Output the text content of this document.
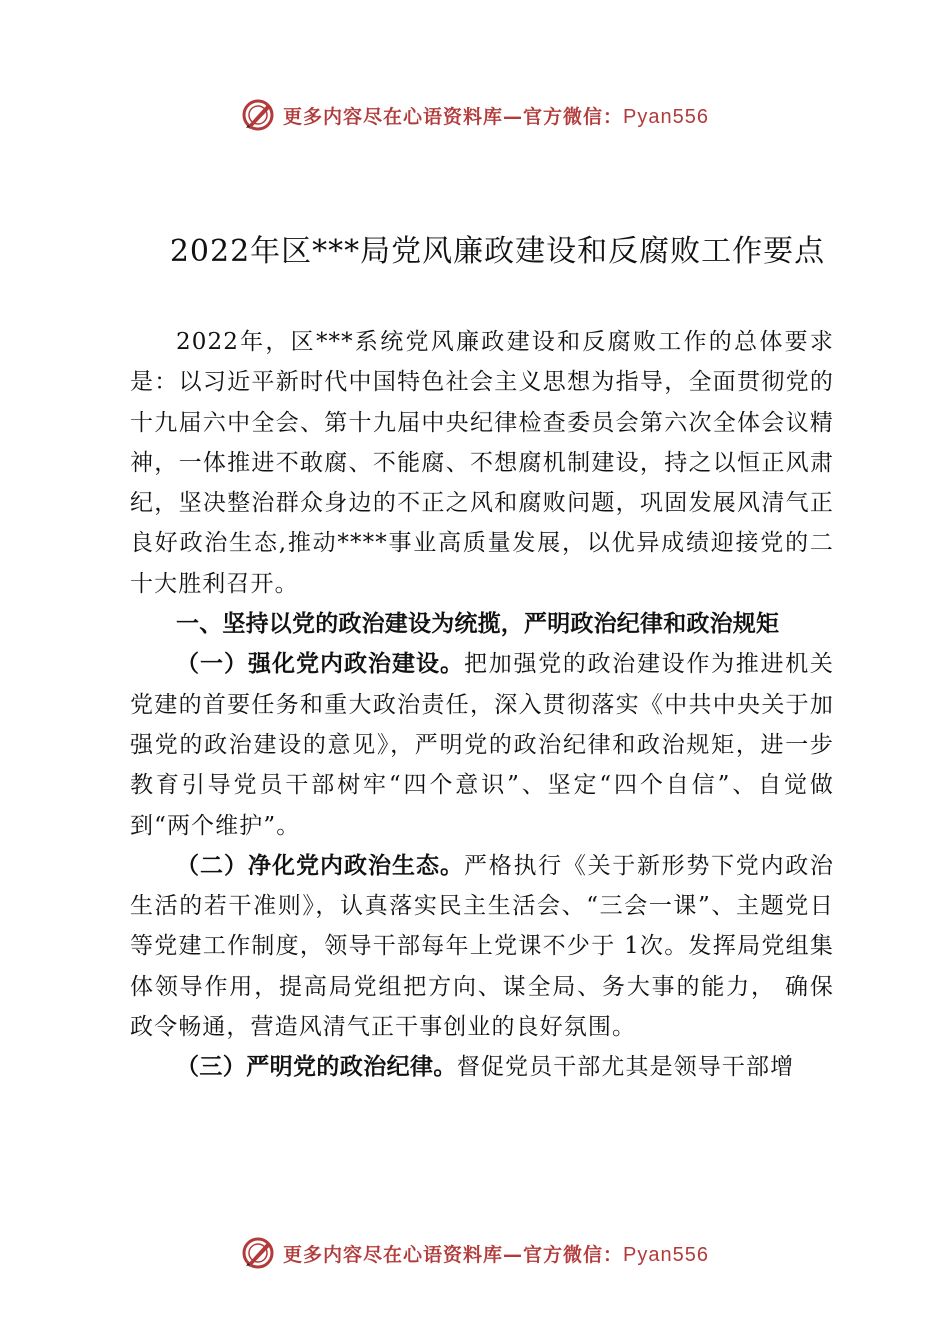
更多内容尽在心语资料库—官方微信：Pyan556
2022年区***局党风廉政建设和反腐败工作要点

2022年，区***系统党风廉政建设和反腐败工作的总体要求是：以习近平新时代中国特色社会主义思想为指导，全面贯彻党的十九届六中全会、第十九届中央纪律检查委员会第六次全体会议精神，一体推进不敢腐、不能腐、不想腐机制建设，持之以恒正风肃纪，坚决整治群众身边的不正之风和腐败问题，巩固发展风清气正良好政治生态,推动****事业高质量发展，以优异成绩迎接党的二十大胜利召开。

一、坚持以党的政治建设为统揽，严明政治纪律和政治规矩

（一）强化党内政治建设。把加强党的政治建设作为推进机关党建的首要任务和重大政治责任，深入贯彻落实《中共中央关于加强党的政治建设的意见》，严明党的政治纪律和政治规矩，进一步教育引导党员干部树牢“四个意识”、坚定“四个自信”、自觉做到“两个维护”。

（二）净化党内政治生态。严格执行《关于新形势下党内政治生活的若干准则》，认真落实民主生活会、“三会一课”、主题党日等党建工作制度，领导干部每年上党课不少于 1次。发挥局党组集体领导作用，提高局党组把方向、谋全局、务大事的能力， 确保政令畅通，营造风清气正干事创业的良好氛围。

（三）严明党的政治纪律。督促党员干部尤其是领导干部增

更多内容尽在心语资料库—官方微信：Pyan556
